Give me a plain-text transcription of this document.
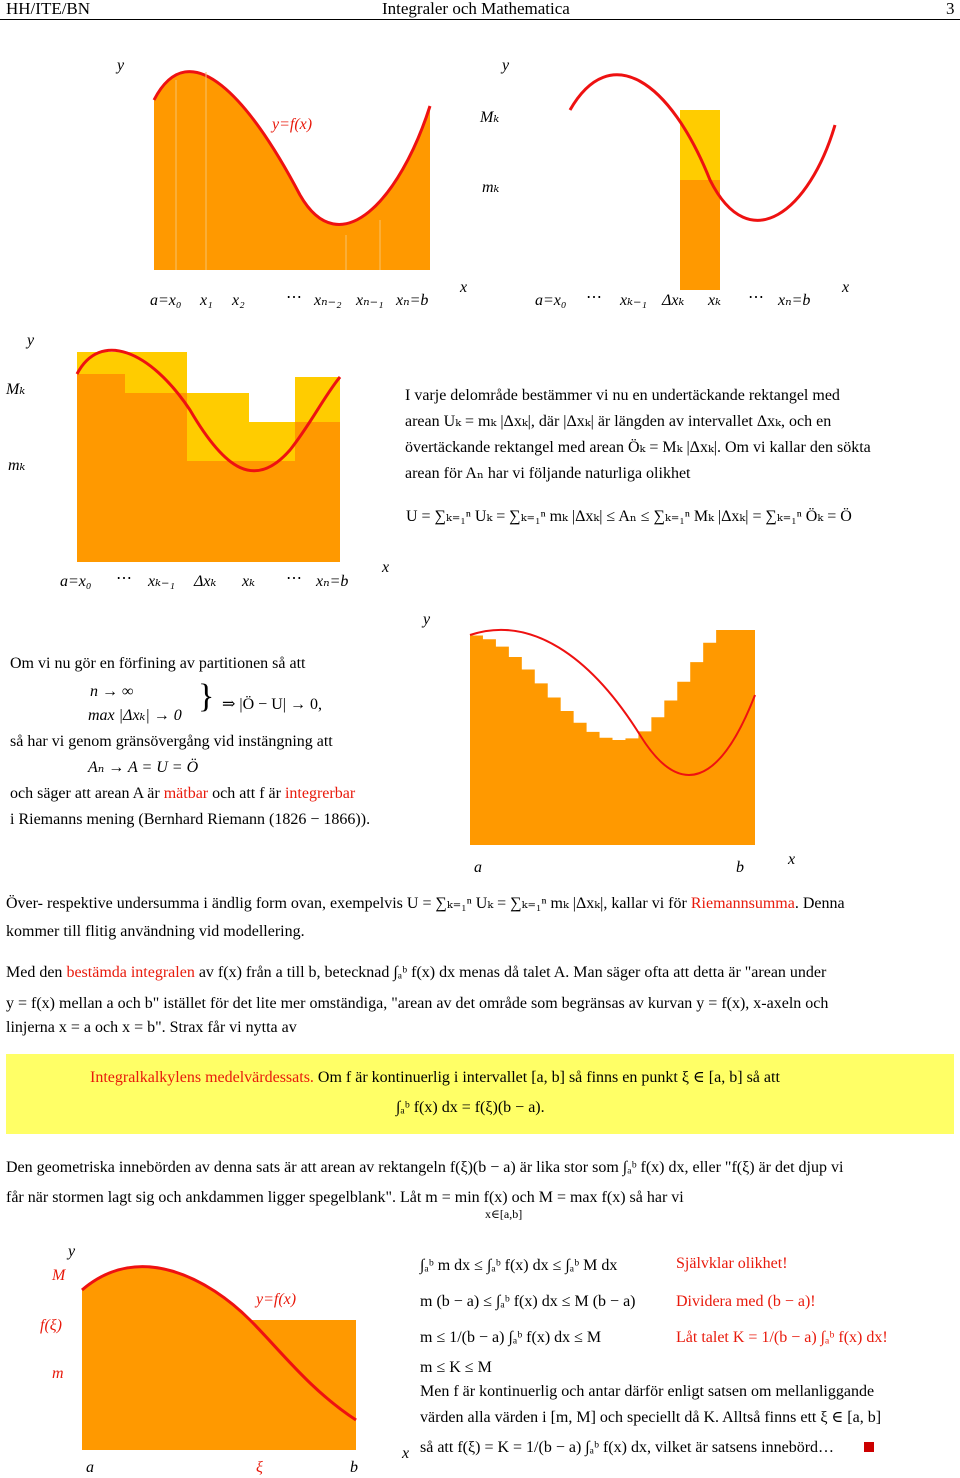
HH/ITE/BN	Integraler och Mathematica	3
y
y=f(x)
x
a=x₀ x₁ x₂	⋯ xₙ₋₂ xₙ₋₁ xₙ=b
y
Mₖ
mₖ
x
a=x₀ ⋯ xₖ₋₁ Δxₖ xₖ ⋯ xₙ=b
y
Mₖ
mₖ
x
a=x₀ ⋯ xₖ₋₁ Δxₖ xₖ ⋯ xₙ=b
I varje delområde bestämmer vi nu en undertäckande rektangel med arean Uₖ = mₖ |Δxₖ|, där |Δxₖ| är längden av intervallet Δxₖ, och en övertäckande rektangel med arean Öₖ = Mₖ |Δxₖ|. Om vi kallar den sökta arean för Aₙ har vi följande naturliga olikhet
U = ∑ₖ₌₁ⁿ Uₖ = ∑ₖ₌₁ⁿ mₖ |Δxₖ| ≤ Aₙ ≤ ∑ₖ₌₁ⁿ Mₖ |Δxₖ| = ∑ₖ₌₁ⁿ Öₖ = Ö
Om vi nu gör en förfining av partitionen så att
n → ∞
max |Δxₖ| → 0
} ⇒ |Ö − U| → 0,
så har vi genom gränsövergång vid instängning att
Aₙ → A = U = Ö
och säger att arean A är mätbar och att f är integrerbar
i Riemanns mening (Bernhard Riemann (1826 − 1866)).
y
x
a	b
Över- respektive undersumma i ändlig form ovan, exempelvis U = ∑ₖ₌₁ⁿ Uₖ = ∑ₖ₌₁ⁿ mₖ |Δxₖ|, kallar vi för Riemannsumma. Denna
kommer till flitig användning vid modellering.
Med den bestämda integralen av f(x) från a till b, betecknad ∫ₐᵇ f(x) dx menas då talet A. Man säger ofta att detta är "arean under
y = f(x) mellan a och b" istället för det lite mer omständiga, "arean av det område som begränsas av kurvan y = f(x), x-axeln och
linjerna x = a och x = b". Strax får vi nytta av
Integralkalkylens medelvärdessats. Om f är kontinuerlig i intervallet [a, b] så finns en punkt ξ ∈ [a, b] så att
∫ₐᵇ f(x) dx = f(ξ)(b − a).
Den geometriska innebörden av denna sats är att arean av rektangeln f(ξ)(b − a) är lika stor som ∫ₐᵇ f(x) dx, eller "f(ξ) är det djup vi
får när stormen lagt sig och ankdammen ligger spegelblank". Låt m = min f(x) och M = max f(x) så har vi
x∈[a,b]
y
M
f(ξ)
m
y=f(x)
x
a	ξ	b
∫ₐᵇ m dx ≤ ∫ₐᵇ f(x) dx ≤ ∫ₐᵇ M dx	Självklar olikhet!
m (b − a) ≤ ∫ₐᵇ f(x) dx ≤ M (b − a)	Dividera med (b − a)!
m ≤ 1/(b − a) ∫ₐᵇ f(x) dx ≤ M	Låt talet K = 1/(b − a) ∫ₐᵇ f(x) dx!
m ≤ K ≤ M
Men f är kontinuerlig och antar därför enligt satsen om mellanliggande
värden alla värden i [m, M] och speciellt då K. Alltså finns ett ξ ∈ [a, b]
så att f(ξ) = K = 1/(b − a) ∫ₐᵇ f(x) dx, vilket är satsens innebörd…
